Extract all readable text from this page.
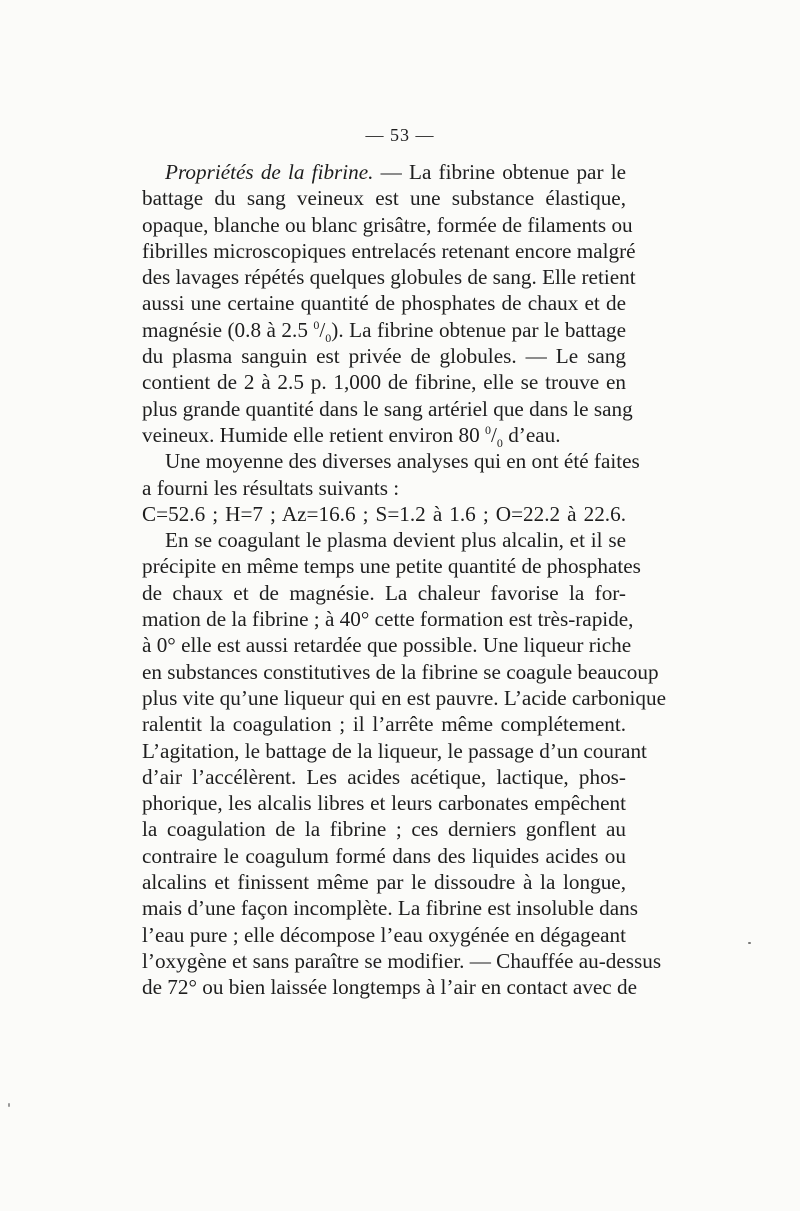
— 53 —
Propriétés de la fibrine. — La fibrine obtenue par le
battage du sang veineux est une substance élastique,
opaque, blanche ou blanc grisâtre, formée de filaments ou
fibrilles microscopiques entrelacés retenant encore malgré
des lavages répétés quelques globules de sang. Elle retient
aussi une certaine quantité de phosphates de chaux et de
magnésie (0.8 à 2.5 $^0/_0$). La fibrine obtenue par le battage
du plasma sanguin est privée de globules. — Le sang
contient de 2 à 2.5 p. 1,000 de fibrine, elle se trouve en
plus grande quantité dans le sang artériel que dans le sang
veineux. Humide elle retient environ 80 $^0/_0$ d’eau.
Une moyenne des diverses analyses qui en ont été faites
a fourni les résultats suivants :
C=52.6 ; H=7 ; Az=16.6 ; S=1.2 à 1.6 ; O=22.2 à 22.6.
En se coagulant le plasma devient plus alcalin, et il se
précipite en même temps une petite quantité de phosphates
de chaux et de magnésie. La chaleur favorise la for-
mation de la fibrine ; à 40° cette formation est très-rapide,
à 0° elle est aussi retardée que possible. Une liqueur riche
en substances constitutives de la fibrine se coagule beaucoup
plus vite qu’une liqueur qui en est pauvre. L’acide carbonique
ralentit la coagulation ; il l’arrête même complétement.
L’agitation, le battage de la liqueur, le passage d’un courant
d’air l’accélèrent. Les acides acétique, lactique, phos-
phorique, les alcalis libres et leurs carbonates empêchent
la coagulation de la fibrine ; ces derniers gonflent au
contraire le coagulum formé dans des liquides acides ou
alcalins et finissent même par le dissoudre à la longue,
mais d’une façon incomplète. La fibrine est insoluble dans
l’eau pure ; elle décompose l’eau oxygénée en dégageant
l’oxygène et sans paraître se modifier. — Chauffée au-dessus
de 72° ou bien laissée longtemps à l’air en contact avec de
